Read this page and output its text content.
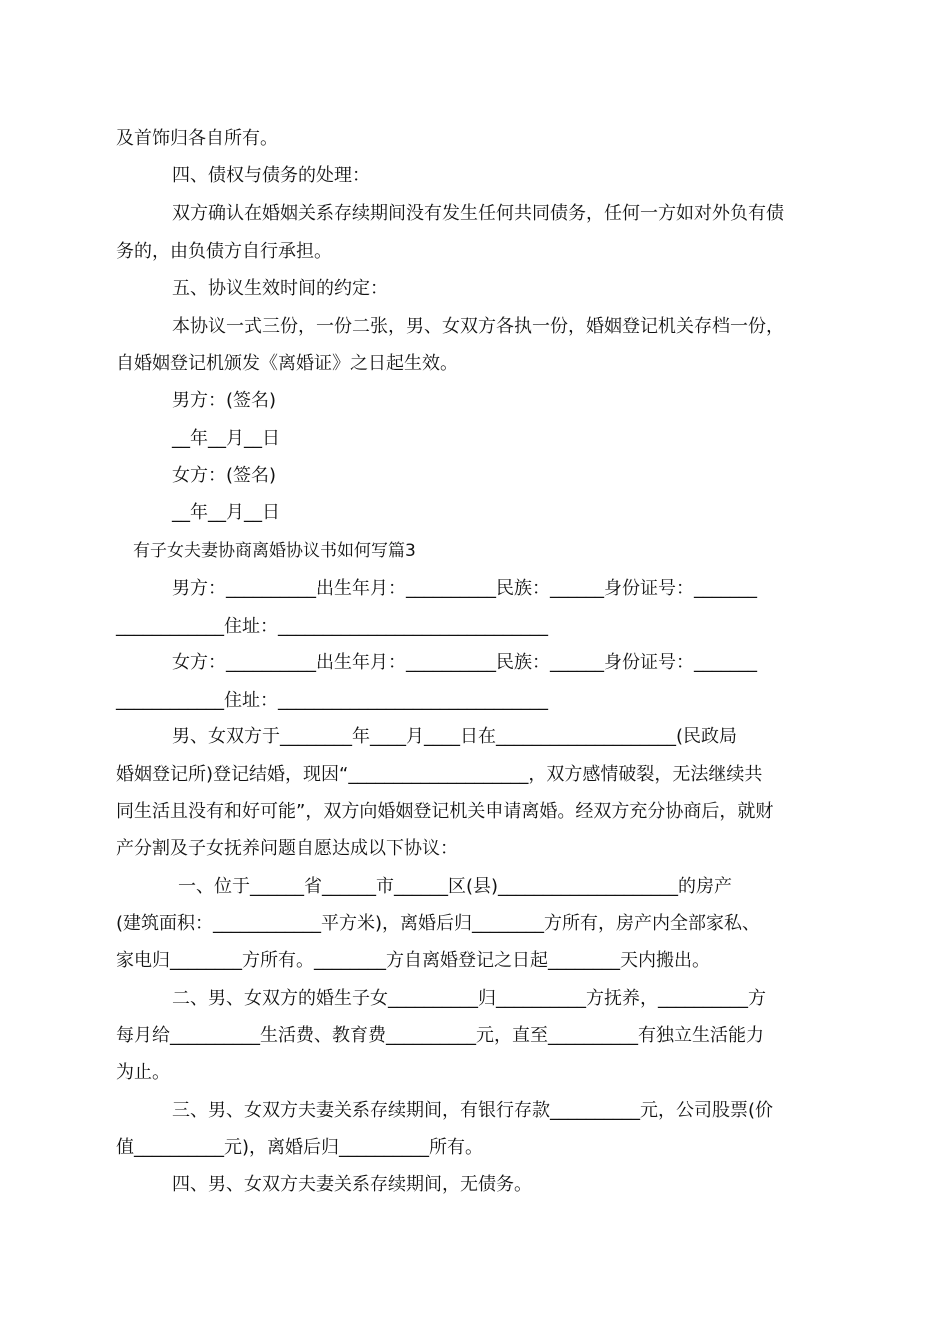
及首饰归各自所有。
四、债权与债务的处理：
双方确认在婚姻关系存续期间没有发生任何共同债务，任何一方如对外负有债
务的，由负债方自行承担。
五、协议生效时间的约定：
本协议一式三份，一份二张，男、女双方各执一份，婚姻登记机关存档一份，
自婚姻登记机颁发《离婚证》之日起生效。
男方：(签名)
__年__月__日
女方：(签名)
__年__月__日
有子女夫妻协商离婚协议书如何写篇3
男方：__________出生年月：__________民族：______身份证号：_______
____________住址：______________________________
女方：__________出生年月：__________民族：______身份证号：_______
____________住址：______________________________
男、女双方于________年____月____日在____________________(民政局
婚姻登记所)登记结婚，现因“____________________，双方感情破裂，无法继续共
同生活且没有和好可能”，双方向婚姻登记机关申请离婚。经双方充分协商后，就财
产分割及子女抚养问题自愿达成以下协议：
一、位于______省______市______区(县)____________________的房产
(建筑面积：____________平方米)，离婚后归________方所有，房产内全部家私、
家电归________方所有。________方自离婚登记之日起________天内搬出。
二、男、女双方的婚生子女__________归__________方抚养，__________方
每月给__________生活费、教育费__________元，直至__________有独立生活能力
为止。
三、男、女双方夫妻关系存续期间，有银行存款__________元，公司股票(价
值__________元)，离婚后归__________所有。
四、男、女双方夫妻关系存续期间，无债务。
